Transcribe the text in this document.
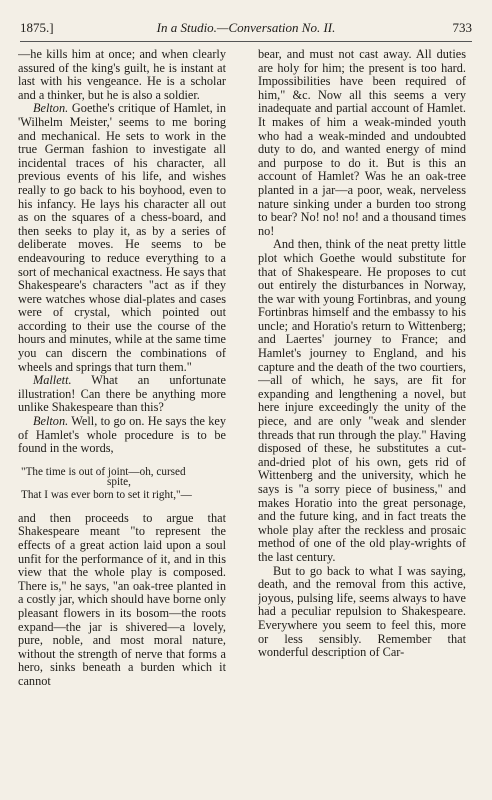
1875.]	In a Studio.—Conversation No. II.	733

—he kills him at once; and when clearly assured of the king's guilt, he is instant at last with his vengeance. He is a scholar and a thinker, but he is also a soldier.

Belton. Goethe's critique of Hamlet, in 'Wilhelm Meister,' seems to me boring and mechanical. He sets to work in the true German fashion to investigate all incidental traces of his character, all previous events of his life, and wishes really to go back to his boyhood, even to his infancy. He lays his character all out as on the squares of a chess-board, and then seeks to play it, as by a series of deliberate moves. He seems to be endeavouring to reduce everything to a sort of mechanical exactness. He says that Shakespeare's characters "act as if they were watches whose dial-plates and cases were of crystal, which pointed out according to their use the course of the hours and minutes, while at the same time you can discern the combinations of wheels and springs that turn them."

Mallett. What an unfortunate illustration! Can there be anything more unlike Shakespeare than this?

Belton. Well, to go on. He says the key of Hamlet's whole procedure is to be found in the words,

"The time is out of joint—oh, cursed
spite,
That I was ever born to set it right,"—

and then proceeds to argue that Shakespeare meant "to represent the effects of a great action laid upon a soul unfit for the performance of it, and in this view that the whole play is composed. There is," he says, "an oak-tree planted in a costly jar, which should have borne only pleasant flowers in its bosom—the roots expand—the jar is shivered—a lovely, pure, noble, and most moral nature, without the strength of nerve that forms a hero, sinks beneath a burden which it cannot

bear, and must not cast away. All duties are holy for him; the present is too hard. Impossibilities have been required of him," &c. Now all this seems a very inadequate and partial account of Hamlet. It makes of him a weak-minded youth who had a weak-minded and undoubted duty to do, and wanted energy of mind and purpose to do it. But is this an account of Hamlet? Was he an oak-tree planted in a jar—a poor, weak, nerveless nature sinking under a burden too strong to bear? No! no! no! and a thousand times no!

And then, think of the neat pretty little plot which Goethe would substitute for that of Shakespeare. He proposes to cut out entirely the disturbances in Norway, the war with young Fortinbras, and young Fortinbras himself and the embassy to his uncle; and Horatio's return to Wittenberg; and Laertes' journey to France; and Hamlet's journey to England, and his capture and the death of the two courtiers, —all of which, he says, are fit for expanding and lengthening a novel, but here injure exceedingly the unity of the piece, and are only "weak and slender threads that run through the play." Having disposed of these, he substitutes a cut-and-dried plot of his own, gets rid of Wittenberg and the university, which he says is "a sorry piece of business," and makes Horatio into the great personage, and the future king, and in fact treats the whole play after the reckless and prosaic method of one of the old play-wrights of the last century.

But to go back to what I was saying, death, and the removal from this active, joyous, pulsing life, seems always to have had a peculiar repulsion to Shakespeare. Everywhere you seem to feel this, more or less sensibly. Remember that wonderful description of Car-
